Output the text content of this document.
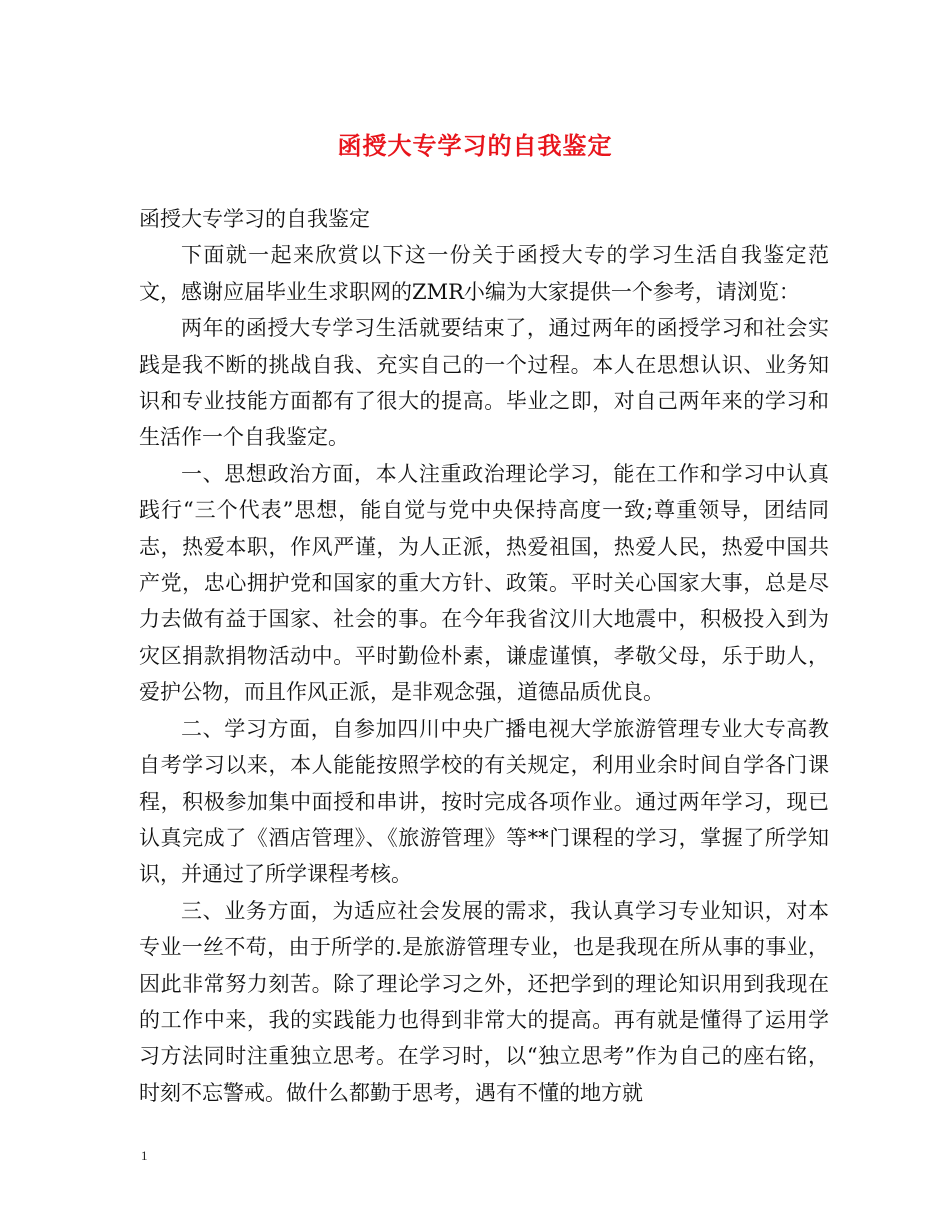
函授大专学习的自我鉴定

函授大专学习的自我鉴定

下面就一起来欣赏以下这一份关于函授大专的学习生活自我鉴定范文，感谢应届毕业生求职网的ZMR小编为大家提供一个参考，请浏览：

两年的函授大专学习生活就要结束了，通过两年的函授学习和社会实践是我不断的挑战自我、充实自己的一个过程。本人在思想认识、业务知识和专业技能方面都有了很大的提高。毕业之即，对自己两年来的学习和生活作一个自我鉴定。

一、思想政治方面，本人注重政治理论学习，能在工作和学习中认真践行“三个代表”思想，能自觉与党中央保持高度一致;尊重领导，团结同志，热爱本职，作风严谨，为人正派，热爱祖国，热爱人民，热爱中国共产党，忠心拥护党和国家的重大方针、政策。平时关心国家大事，总是尽力去做有益于国家、社会的事。在今年我省汶川大地震中，积极投入到为灾区捐款捐物活动中。平时勤俭朴素，谦虚谨慎，孝敬父母，乐于助人，爱护公物，而且作风正派，是非观念强，道德品质优良。

二、学习方面，自参加四川中央广播电视大学旅游管理专业大专高教自考学习以来，本人能能按照学校的有关规定，利用业余时间自学各门课程，积极参加集中面授和串讲，按时完成各项作业。通过两年学习，现已认真完成了《酒店管理》、《旅游管理》等**门课程的学习，掌握了所学知识，并通过了所学课程考核。

三、业务方面，为适应社会发展的需求，我认真学习专业知识，对本专业一丝不苟，由于所学的.是旅游管理专业，也是我现在所从事的事业，因此非常努力刻苦。除了理论学习之外，还把学到的理论知识用到我现在的工作中来，我的实践能力也得到非常大的提高。再有就是懂得了运用学习方法同时注重独立思考。在学习时，以“独立思考”作为自己的座右铭，时刻不忘警戒。做什么都勤于思考，遇有不懂的地方就

1
